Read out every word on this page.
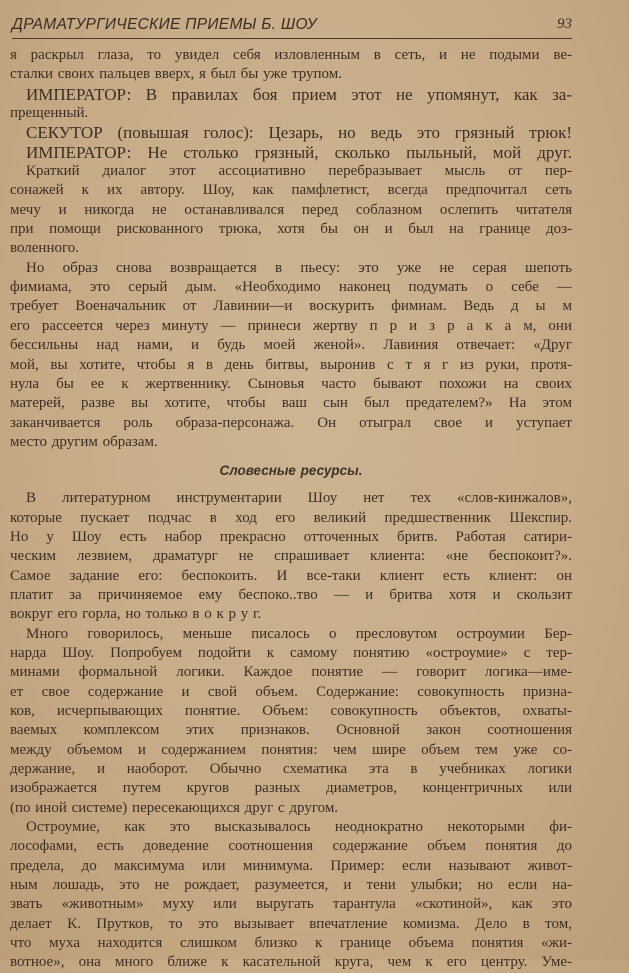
ДРАМАТУРГИЧЕСКИЕ ПРИЕМЫ Б. ШОУ	93
я раскрыл глаза, то увидел себя изловленным в сеть, и не подыми ве-
сталки своих пальцев вверх, я был бы уже трупом.
ИМПЕРАТОР: В правилах боя прием этот не упомянут, как за-
прещенный.
СЕКУТОР (повышая голос): Цезарь, но ведь это грязный трюк!
ИМПЕРАТОР: Не столько грязный, сколько пыльный, мой друг.
Краткий диалог этот ассоциативно перебразывает мысль от пер-
сонажей к их автору. Шоу, как памфлетист, всегда предпочитал сеть
мечу и никогда не останавливался перед соблазном ослепить читателя
при помощи рискованного трюка, хотя бы он и был на границе доз-
воленного.
Но образ снова возвращается в пьесу: это уже не серая шепоть
фимиама, это серый дым. «Необходимо наконец подумать о себе —
требует Военачальник от Лавинии—и воскурить фимиам. Ведь д ы м
его рассеется через минуту — принеси жертву п р и з р а к а м, они
бессильны над нами, и будь моей женой». Лавиния отвечает: «Друг
мой, вы хотите, чтобы я в день битвы, выронив с т я г из руки, протя-
нула бы ее к жертвеннику. Сыновья часто бывают похожи на своих
матерей, разве вы хотите, чтобы ваш сын был предателем?» На этом
заканчивается роль образа-персонажа. Он отыграл свое и уступает
место другим образам.
Словесные ресурсы.
В литературном инструментарии Шоу нет тех «слов-кинжалов»,
которые пускает подчас в ход его великий предшественник Шекспир.
Но у Шоу есть набор прекрасно отточенных бритв. Работая сатири-
ческим лезвием, драматург не спрашивает клиента: «не беспокоит?».
Самое задание его: беспокоить. И все-таки клиент есть клиент: он
платит за причиняемое ему беспоко..тво — и бритва хотя и скользит
вокруг его горла, но только в о к р у г.
Много говорилось, меньше писалось о пресловутом остроумии Бер-
нарда Шоу. Попробуем подойти к самому понятию «остроумие» с тер-
минами формальной логики. Каждое понятие — говорит логика—име-
ет свое содержание и свой объем. Содержание: совокупность призна-
ков, исчерпывающих понятие. Объем: совокупность объектов, охваты-
ваемых комплексом этих признаков. Основной закон соотношения
между объемом и содержанием понятия: чем шире объем тем уже со-
держание, и наоборот. Обычно схематика эта в учебниках логики
изображается путем кругов разных диаметров, концентричных или
(по иной системе) пересекающихся друг с другом.
Остроумие, как это высказывалось неоднократно некоторыми фи-
лософами, есть доведение соотношения содержание объем понятия до
предела, до максимума или минимума. Пример: если называют живот-
ным лошадь, это не рождает, разумеется, и тени улыбки; но если на-
звать «животным» муху или выругать тарантула «скотиной», как это
делает К. Прутков, то это вызывает впечатление комизма. Дело в том,
что муха находится слишком близко к границе объема понятия «жи-
вотное», она много ближе к касательной круга, чем к его центру. Уме-
